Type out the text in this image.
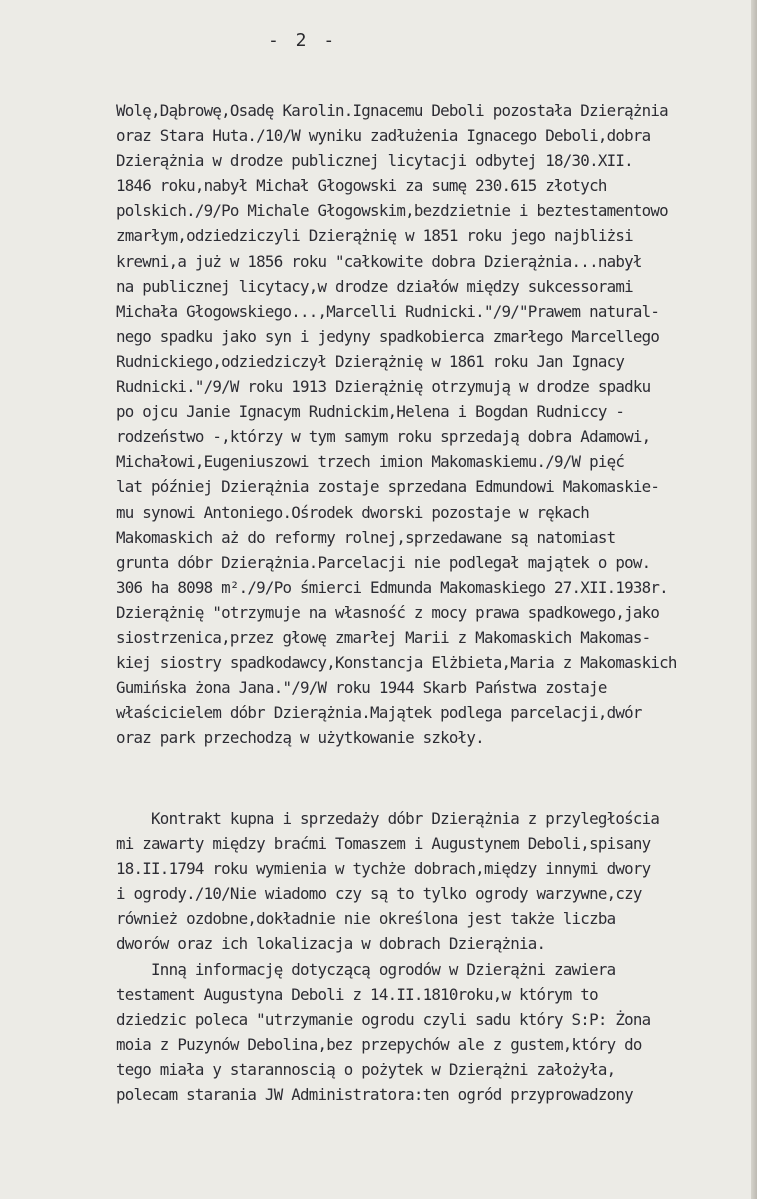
- 2 -
Wolę,Dąbrowę,Osadę Karolin.Ignacemu Deboli pozostała Dzierążnia
oraz Stara Huta./10/W wyniku zadłużenia Ignacego Deboli,dobra
Dzierążnia w drodze publicznej licytacji odbytej 18/30.XII.
1846 roku,nabył Michał Głogowski za sumę 230.615 złotych
polskich./9/Po Michale Głogowskim,bezdzietnie i beztestamentowo
zmarłym,odziedziczyli Dzierążnię w 1851 roku jego najbliżsi
krewni,a już w 1856 roku "całkowite dobra Dzierążnia...nabył
na publicznej licytacy,w drodze działów między sukcessorami
Michała Głogowskiego...,Marcelli Rudnicki."/9/"Prawem natural-
nego spadku jako syn i jedyny spadkobierca zmarłego Marcellego
Rudnickiego,odziedziczył Dzierążnię w 1861 roku Jan Ignacy
Rudnicki."/9/W roku 1913 Dzierążnię otrzymują w drodze spadku
po ojcu Janie Ignacym Rudnickim,Helena i Bogdan Rudniccy -
rodzeństwo -,którzy w tym samym roku sprzedają dobra Adamowi,
Michałowi,Eugeniuszowi trzech imion Makomaskiemu./9/W pięć
lat później Dzierążnia zostaje sprzedana Edmundowi Makomaskie-
mu synowi Antoniego.Ośrodek dworski pozostaje w rękach
Makomaskich aż do reformy rolnej,sprzedawane są natomiast
grunta dóbr Dzierążnia.Parcelacji nie podlegał majątek o pow.
306 ha 8098 m².∕9∕Po śmierci Edmunda Makomaskiego 27.XII.1938r.
Dzierążnię "otrzymuje na własność z mocy prawa spadkowego,jako
siostrzenica,przez głowę zmarłej Marii z Makomaskich Makomas-
kiej siostry spadkodawcy,Konstancja Elżbieta,Maria z Makomaskich
Gumińska żona Jana."/9/W roku 1944 Skarb Państwa zostaje
właścicielem dóbr Dzierążnia.Majątek podlega parcelacji,dwór
oraz park przechodzą w użytkowanie szkoły.
Kontrakt kupna i sprzedaży dóbr Dzierążnia z przyległościa
mi zawarty między braćmi Tomaszem i Augustynem Deboli,spisany
18.II.1794 roku wymienia w tychże dobrach,między innymi dwory
i ogrody./10/Nie wiadomo czy są to tylko ogrody warzywne,czy
również ozdobne,dokładnie nie określona jest także liczba
dworów oraz ich lokalizacja w dobrach Dzierążnia.
Inną informację dotyczącą ogrodów w Dzierążni zawiera
testament Augustyna Deboli z 14.II.1810roku,w którym to
dziedzic poleca "utrzymanie ogrodu czyli sadu który S:P: Żona
moia z Puzynów Debolina,bez przepychów ale z gustem,który do
tego miała y starannoscią o pożytek w Dzierążni założyła,
polecam starania JW Administratora:ten ogród przyprowadzony
